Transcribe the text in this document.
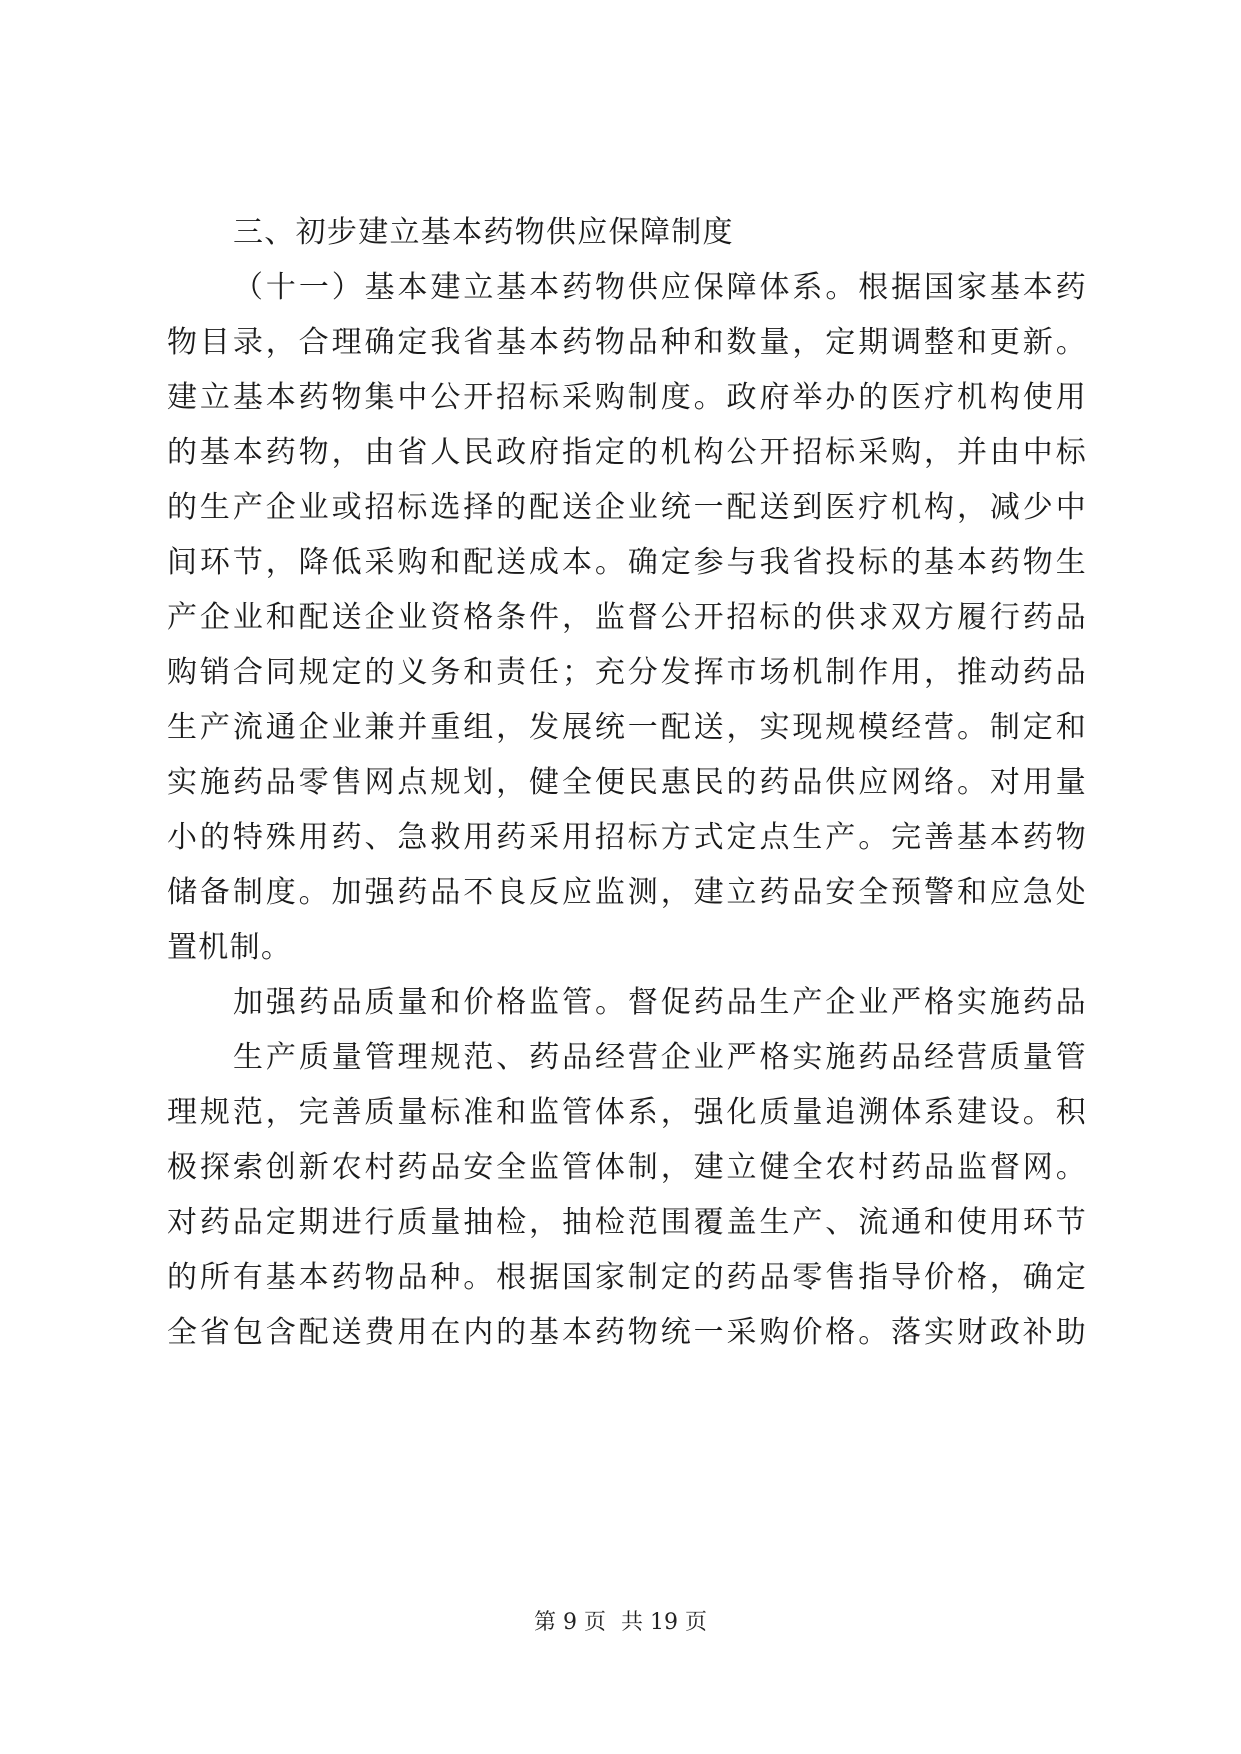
三、初步建立基本药物供应保障制度
（十一）基本建立基本药物供应保障体系。根据国家基本药
物目录，合理确定我省基本药物品种和数量，定期调整和更新。
建立基本药物集中公开招标采购制度。政府举办的医疗机构使用
的基本药物，由省人民政府指定的机构公开招标采购，并由中标
的生产企业或招标选择的配送企业统一配送到医疗机构，减少中
间环节，降低采购和配送成本。确定参与我省投标的基本药物生
产企业和配送企业资格条件，监督公开招标的供求双方履行药品
购销合同规定的义务和责任；充分发挥市场机制作用，推动药品
生产流通企业兼并重组，发展统一配送，实现规模经营。制定和
实施药品零售网点规划，健全便民惠民的药品供应网络。对用量
小的特殊用药、急救用药采用招标方式定点生产。完善基本药物
储备制度。加强药品不良反应监测，建立药品安全预警和应急处
置机制。
加强药品质量和价格监管。督促药品生产企业严格实施药品
生产质量管理规范、药品经营企业严格实施药品经营质量管
理规范，完善质量标准和监管体系，强化质量追溯体系建设。积
极探索创新农村药品安全监管体制，建立健全农村药品监督网。
对药品定期进行质量抽检，抽检范围覆盖生产、流通和使用环节
的所有基本药物品种。根据国家制定的药品零售指导价格，确定
全省包含配送费用在内的基本药物统一采购价格。落实财政补助
第 9 页 共 19 页
